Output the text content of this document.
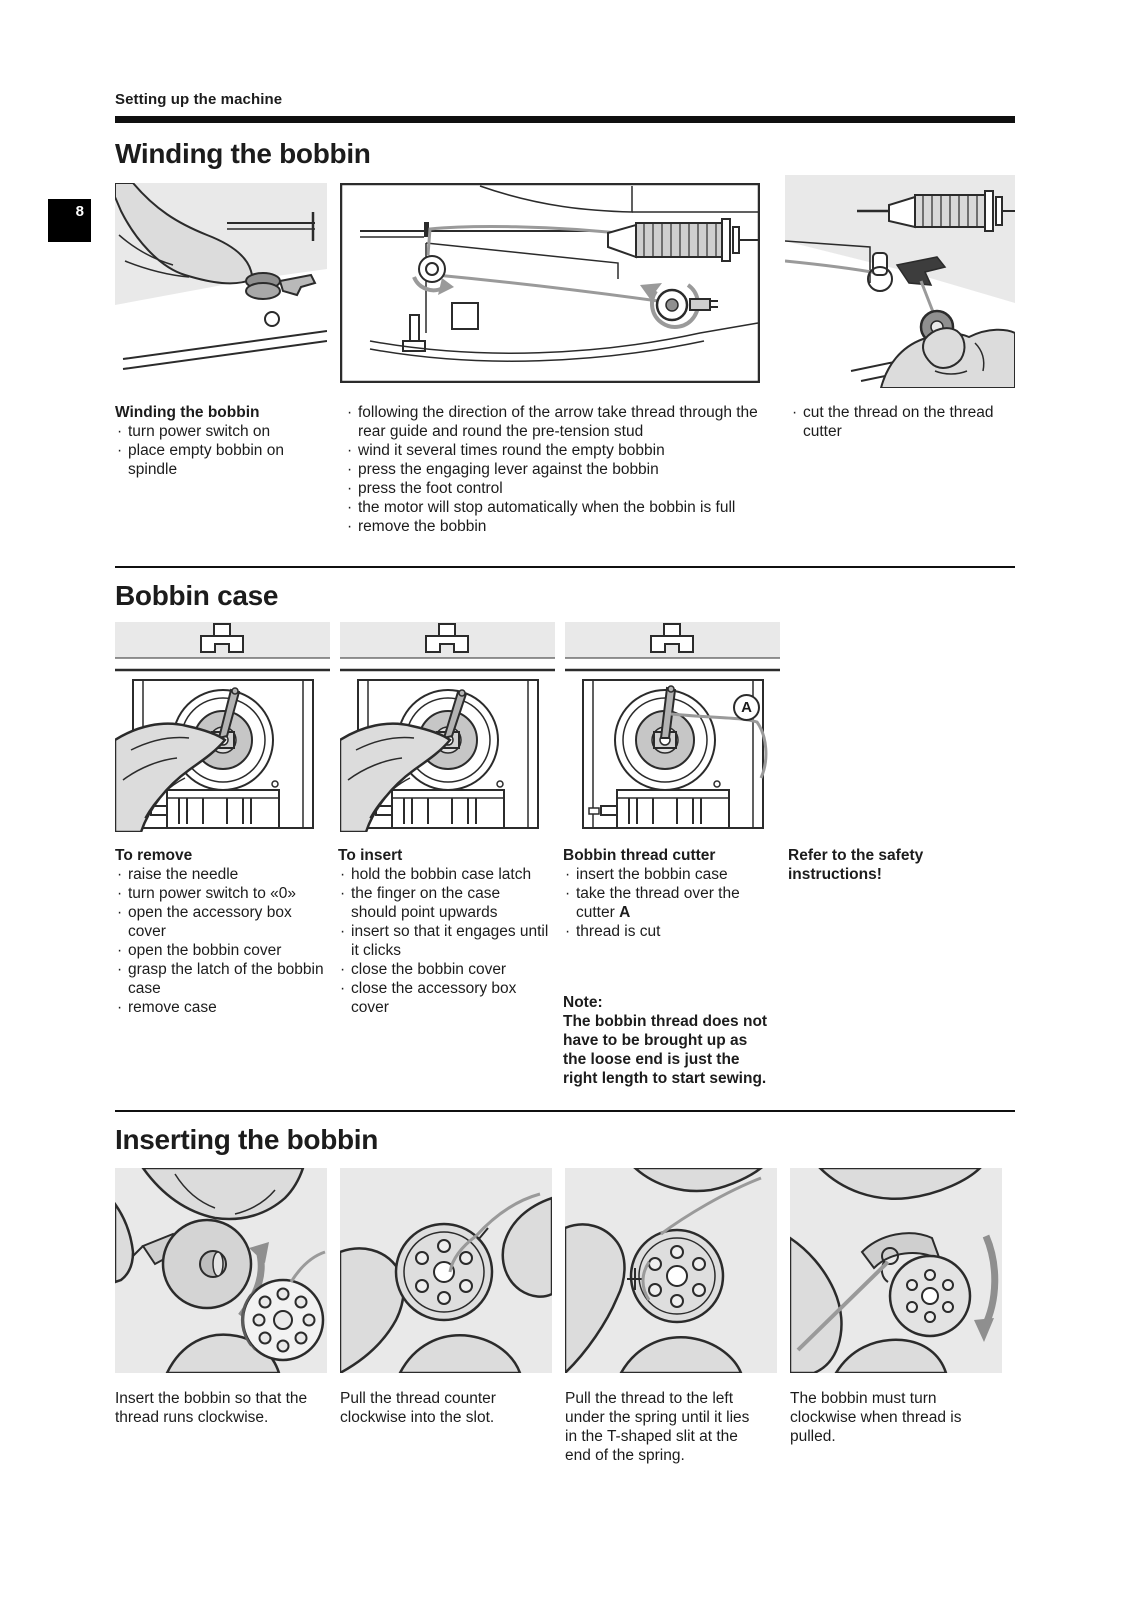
8
Setting up the machine
Winding the bobbin
Winding the bobbin
· turn power switch on
· place empty bobbin on spindle
· following the direction of the arrow take thread through the rear guide and round the pre-tension stud
· wind it several times round the empty bobbin
· press the engaging lever against the bobbin
· press the foot control
· the motor will stop automatically when the bobbin is full
· remove the bobbin
· cut the thread on the thread cutter
Bobbin case
A
To remove
· raise the needle
· turn power switch to «0»
· open the accessory box cover
· open the bobbin cover
· grasp the latch of the bobbin case
· remove case
To insert
· hold the bobbin case latch
· the finger on the case should point upwards
· insert so that it engages until it clicks
· close the bobbin cover
· close the accessory box cover
Bobbin thread cutter
· insert the bobbin case
· take the thread over the cutter A
· thread is cut
Note:
The bobbin thread does not have to be brought up as the loose end is just the right length to start sewing.
Refer to the safety instructions!
Inserting the bobbin
Insert the bobbin so that the thread runs clockwise.
Pull the thread counter clockwise into the slot.
Pull the thread to the left under the spring until it lies in the T-shaped slit at the end of the spring.
The bobbin must turn clockwise when thread is pulled.
